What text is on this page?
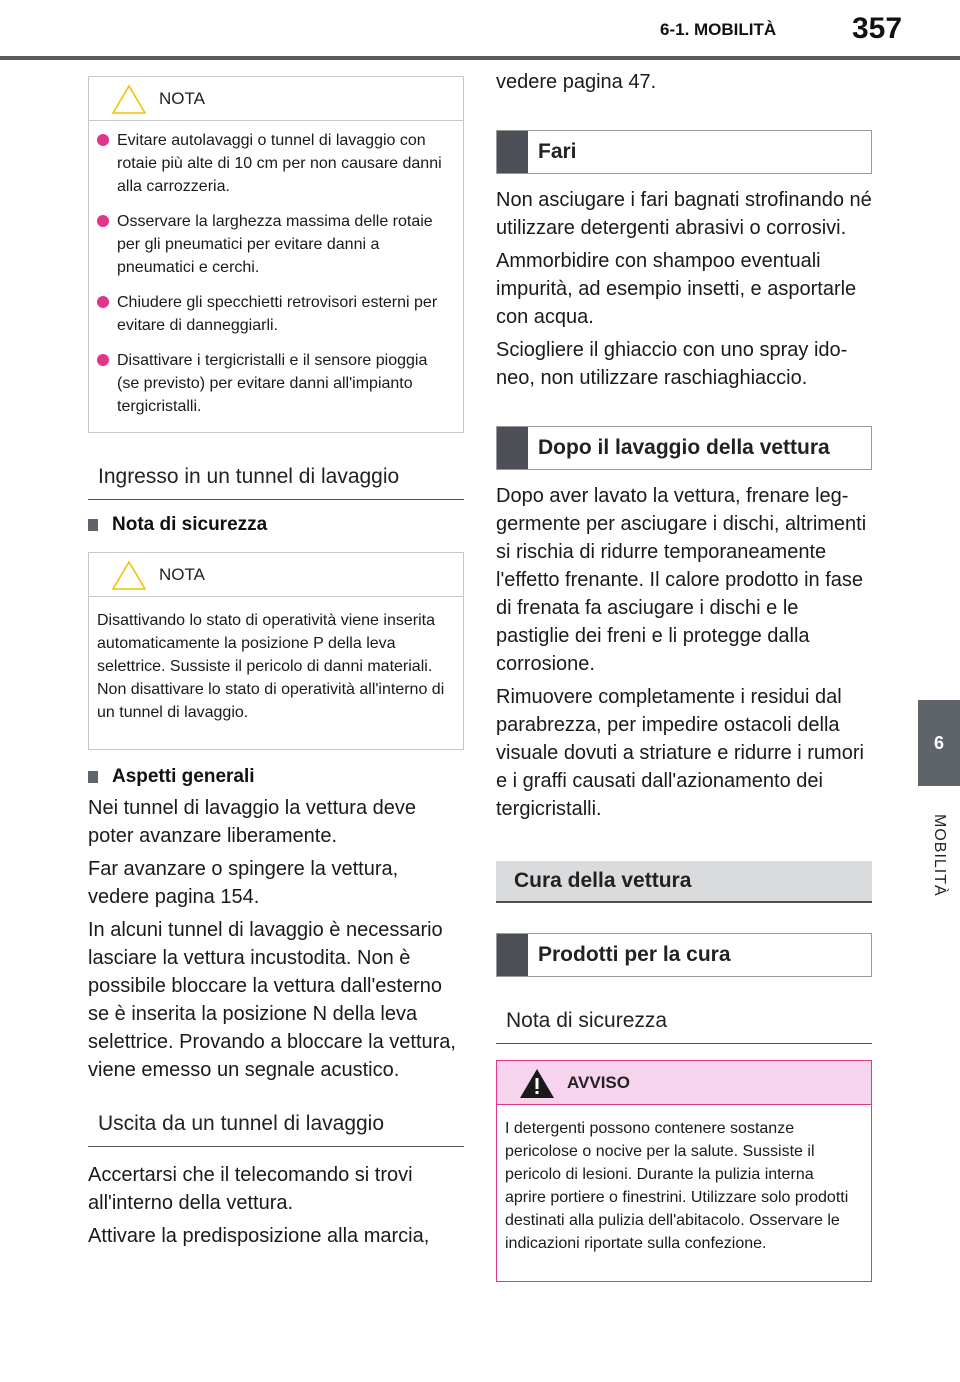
6-1. MOBILITÀ	357
6
MOBILITÀ
NOTA
Evitare autolavaggi o tunnel di lavaggio con rotaie più alte di 10 cm per non causare danni alla carrozzeria.
Osservare la larghezza massima delle rotaie per gli pneumatici per evitare danni a pneumatici e cerchi.
Chiudere gli specchietti retrovisori esterni per evitare di danneggiarli.
Disattivare i tergicristalli e il sensore pioggia (se previsto) per evitare danni all'impianto tergicristalli.
Ingresso in un tunnel di lavaggio
Nota di sicurezza
NOTA
Disattivando lo stato di operatività viene inserita automaticamente la posizione P della leva selettrice. Sussiste il pericolo di danni materiali. Non disattivare lo stato di operatività all'interno di un tunnel di lavaggio.
Aspetti generali

Nei tunnel di lavaggio la vettura deve poter avanzare liberamente.

Far avanzare o spingere la vettura, vedere pagina 154.

In alcuni tunnel di lavaggio è necessario lasciare la vettura incustodita. Non è possibile bloccare la vettura dall'esterno se è inserita la posizione N della leva selettrice. Provando a bloccare la vettura, viene emesso un segnale acustico.

Uscita da un tunnel di lavaggio

Accertarsi che il telecomando si trovi all'interno della vettura.

Attivare la predisposizione alla marcia,

vedere pagina 47.

Fari

Non asciugare i fari bagnati strofinando né utilizzare detergenti abrasivi o corrosivi.

Ammorbidire con shampoo eventuali impurità, ad esempio insetti, e asportarle con acqua.

Sciogliere il ghiaccio con uno spray idoneo, non utilizzare raschiaghiaccio.

Dopo il lavaggio della vettura

Dopo aver lavato la vettura, frenare leggermente per asciugare i dischi, altrimenti si rischia di ridurre temporaneamente l'effetto frenante. Il calore prodotto in fase di frenata fa asciugare i dischi e le pastiglie dei freni e li protegge dalla corrosione.

Rimuovere completamente i residui dal parabrezza, per impedire ostacoli della visuale dovuti a striature e ridurre i rumori e i graffi causati dall'azionamento dei tergicristalli.

Cura della vettura
Prodotti per la cura
Nota di sicurezza
AVVISO
I detergenti possono contenere sostanze pericolose o nocive per la salute. Sussiste il pericolo di lesioni. Durante la pulizia interna aprire portiere o finestrini. Utilizzare solo prodotti destinati alla pulizia dell'abitacolo. Osservare le indicazioni riportate sulla confezione.
